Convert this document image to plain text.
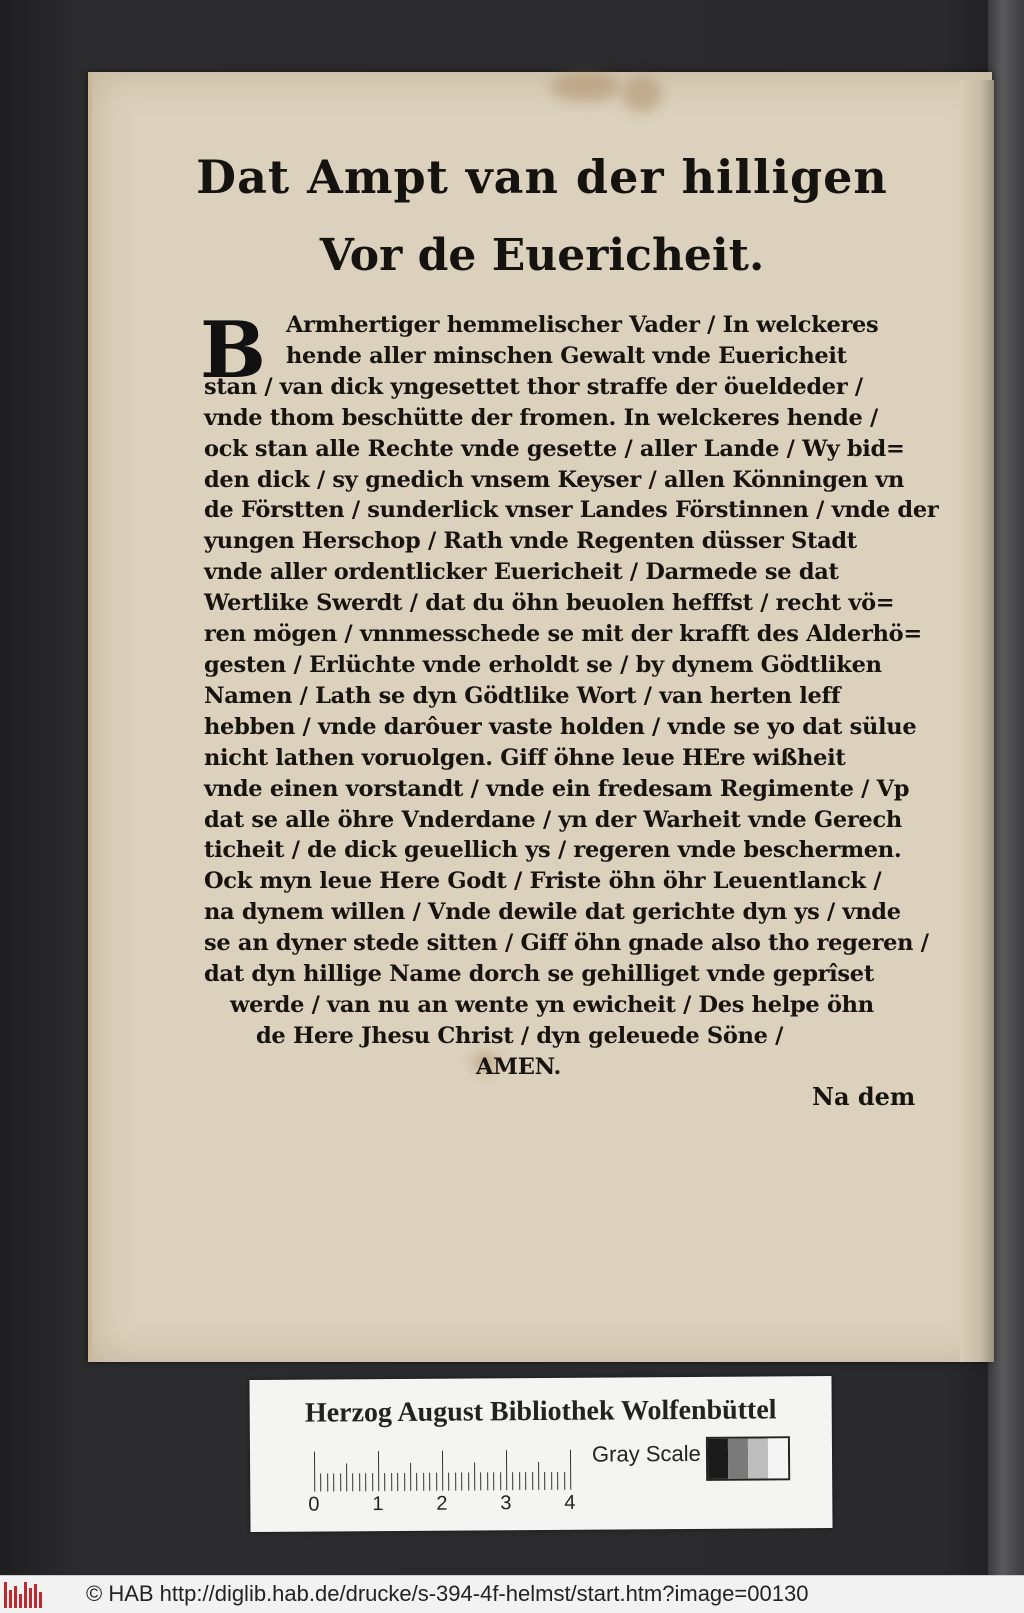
Dat Ampt van der hilligen
Vor de Euericheit.
B Armhertiger hemmelischer Vader / In welckeres
hende aller minschen Gewalt vnde Euericheit
stan / van dick yngesettet thor straffe der öueldeder /
vnde thom beschütte der fromen. In welckeres hende /
ock stan alle Rechte vnde gesette / aller Lande / Wy bid=
den dick / sy gnedich vnsem Keyser / allen Könningen vn
de Förstten / sunderlick vnser Landes Förstinnen / vnde der
yungen Herschop / Rath vnde Regenten düsser Stadt
vnde aller ordentlicker Euericheit / Darmede se dat
Wertlike Swerdt / dat du öhn beuolen hefffst / recht vö=
ren mögen / vnnmesschede se mit der krafft des Alderhö=
gesten / Erlüchte vnde erholdt se / by dynem Gödtliken
Namen / Lath se dyn Gödtlike Wort / van herten leff
hebben / vnde darôuer vaste holden / vnde se yo dat sülue
nicht lathen voruolgen. Giff öhne leue HEre wißheit
vnde einen vorstandt / vnde ein fredesam Regimente / Vp
dat se alle öhre Vnderdane / yn der Warheit vnde Gerech
ticheit / de dick geuellich ys / regeren vnde beschermen.
Ock myn leue Here Godt / Friste öhn öhr Leuentlanck /
na dynem willen / Vnde dewile dat gerichte dyn ys / vnde
se an dyner stede sitten / Giff öhn gnade also tho regeren /
dat dyn hillige Name dorch se gehilliget vnde geprîset
werde / van nu an wente yn ewicheit / Des helpe öhn
de Here Jhesu Christ / dyn geleuede Söne /
AMEN.
Na dem
Herzog August Bibliothek Wolfenbüttel
0	1	2	3	4
Gray Scale
© HAB http://diglib.hab.de/drucke/s-394-4f-helmst/start.htm?image=00130
